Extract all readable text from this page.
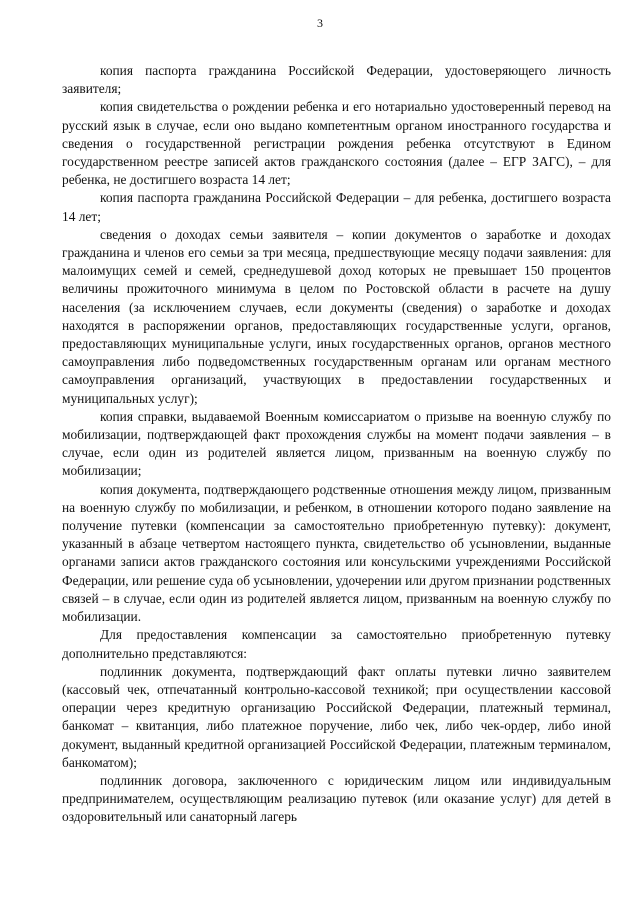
3

копия паспорта гражданина Российской Федерации, удостоверяющего личность заявителя;

копия свидетельства о рождении ребенка и его нотариально удостоверенный перевод на русский язык в случае, если оно выдано компетентным органом иностранного государства и сведения о государственной регистрации рождения ребенка отсутствуют в Едином государственном реестре записей актов гражданского состояния (далее – ЕГР ЗАГС), – для ребенка, не достигшего возраста 14 лет;

копия паспорта гражданина Российской Федерации – для ребенка, достигшего возраста 14 лет;

сведения о доходах семьи заявителя – копии документов о заработке и доходах гражданина и членов его семьи за три месяца, предшествующие месяцу подачи заявления: для малоимущих семей и семей, среднедушевой доход которых не превышает 150 процентов величины прожиточного минимума в целом по Ростовской области в расчете на душу населения (за исключением случаев, если документы (сведения) о заработке и доходах находятся в распоряжении органов, предоставляющих государственные услуги, органов, предоставляющих муниципальные услуги, иных государственных органов, органов местного самоуправления либо подведомственных государственным органам или органам местного самоуправления организаций, участвующих в предоставлении государственных и муниципальных услуг);

копия справки, выдаваемой Военным комиссариатом о призыве на военную службу по мобилизации, подтверждающей факт прохождения службы на момент подачи заявления – в случае, если один из родителей является лицом, призванным на военную службу по мобилизации;

копия документа, подтверждающего родственные отношения между лицом, призванным на военную службу по мобилизации, и ребенком, в отношении которого подано заявление на получение путевки (компенсации за самостоятельно приобретенную путевку): документ, указанный в абзаце четвертом настоящего пункта, свидетельство об усыновлении, выданные органами записи актов гражданского состояния или консульскими учреждениями Российской Федерации, или решение суда об усыновлении, удочерении или другом признании родственных связей – в случае, если один из родителей является лицом, призванным на военную службу по мобилизации.

Для предоставления компенсации за самостоятельно приобретенную путевку дополнительно представляются:

подлинник документа, подтверждающий факт оплаты путевки лично заявителем (кассовый чек, отпечатанный контрольно-кассовой техникой; при осуществлении кассовой операции через кредитную организацию Российской Федерации, платежный терминал, банкомат – квитанция, либо платежное поручение, либо чек, либо чек-ордер, либо иной документ, выданный кредитной организацией Российской Федерации, платежным терминалом, банкоматом);

подлинник договора, заключенного с юридическим лицом или индивидуальным предпринимателем, осуществляющим реализацию путевок (или оказание услуг) для детей в оздоровительный или санаторный лагерь
